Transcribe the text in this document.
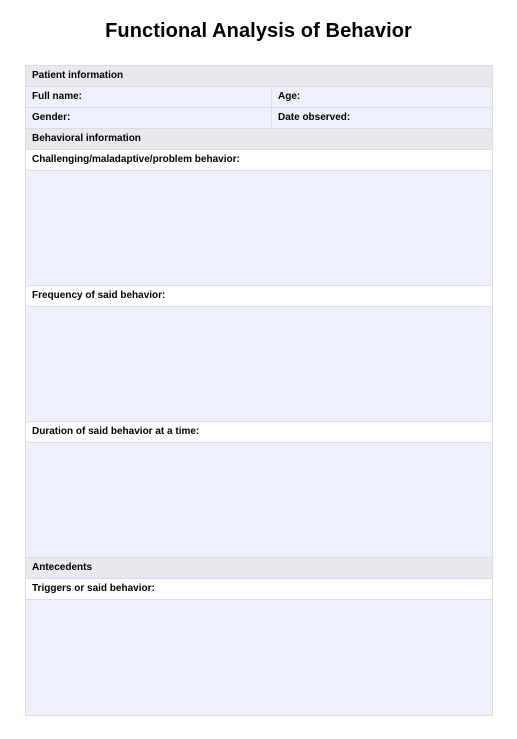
Functional Analysis of Behavior
Patient information
Full name:	Age:
Gender:	Date observed:
Behavioral information
Challenging/maladaptive/problem behavior:
Frequency of said behavior:
Duration of said behavior at a time:
Antecedents
Triggers or said behavior:
